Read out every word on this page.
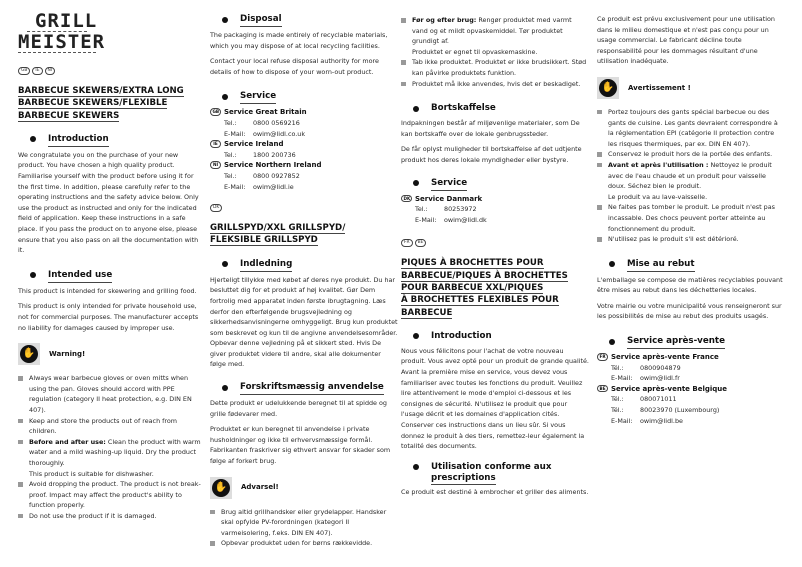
GRILL
MEISTER
GB	IE	NI
BARBECUE SKEWERS/EXTRA LONG
BARBECUE SKEWERS/FLEXIBLE
BARBECUE SKEWERS
Introduction

We congratulate you on the purchase of your new product. You have chosen a high quality product. Familiarise yourself with the product before using it for the first time. In addition, please carefully refer to the operating instructions and the safety advice below. Only use the product as instructed and only for the indicated field of application. Keep these instructions in a safe place. If you pass the product on to anyone else, please ensure that you also pass on all the documentation with it.

Intended use

This product is intended for skewering and grilling food.

This product is only intended for private household use, not for commercial purposes. The manufacturer accepts no liability for damages caused by improper use.

✋	Warning!
Always wear barbecue gloves or oven mitts when using the pan. Gloves should accord with PPE regulation (category II heat protection, e.g. DIN EN 407).
Keep and store the products out of reach from children.
Before and after use: Clean the product with warm water and a mild washing-up liquid. Dry the product thoroughly.
This product is suitable for dishwasher.
Avoid dropping the product. The product is not break-proof. Impact may affect the product's ability to function properly.
Do not use the product if it is damaged.
Disposal

The packaging is made entirely of recyclable materials, which you may dispose of at local recycling facilities.

Contact your local refuse disposal authority for more details of how to dispose of your worn-out product.

Service
GB Service Great Britain
Tel.:	0800 0569216
E-Mail:	owim@lidl.co.uk
IE Service Ireland
Tel.:	1800 200736
NI Service Northern Ireland
Tel.:	0800 0927852
E-Mail:	owim@lidl.ie
DK
GRILLSPYD/XXL GRILLSPYD/
FLEKSIBLE GRILLSPYD
Indledning

Hjerteligt tillykke med købet af deres nye produkt. Du har besluttet dig for et produkt af høj kvalitet. Gør Dem fortrolig med apparatet inden første ibrugtagning. Læs derfor den efterfølgende brugsvejledning og sikkerhedsanvisningerne omhyggeligt. Brug kun produktet som beskrevet og kun til de angivne anvendelsesområder. Opbevar denne vejledning på et sikkert sted. Hvis De giver produktet videre til andre, skal alle dokumenter følge med.

Forskriftsmæssig anvendelse

Dette produkt er udelukkende beregnet til at spidde og grille fødevarer med.

Produktet er kun beregnet til anvendelse i private husholdninger og ikke til erhvervsmæssige formål. Fabrikanten fraskriver sig ethvert ansvar for skader som følge af forkert brug.

✋	Advarsel!
Brug altid grillhandsker eller grydelapper. Handsker skal opfylde PV-forordningen (kategori II varmeisolering, f.eks. DIN EN 407).
Opbevar produktet uden for børns rækkevidde.
Før og efter brug: Rengør produktet med varmt vand og et mildt opvaskemiddel. Tør produktet grundigt af.
Produktet er egnet til opvaskemaskine.
Tab ikke produktet. Produktet er ikke brudsikkert. Stød kan påvirke produktets funktion.
Produktet må ikke anvendes, hvis det er beskadiget.
Bortskaffelse

Indpakningen består af miljøvenlige materialer, som De kan bortskaffe over de lokale genbrugssteder.

De får oplyst muligheder til bortskaffelse af det udtjente produkt hos deres lokale myndigheder eller bystyre.

Service
DK Service Danmark
Tel.:	80253972
E-Mail:	owim@lidl.dk
FR	BE
PIQUES À BROCHETTES POUR
BARBECUE/PIQUES À BROCHETTES
POUR BARBECUE XXL/PIQUES
À BROCHETTES FLEXIBLES POUR
BARBECUE
Introduction

Nous vous félicitons pour l'achat de votre nouveau produit. Vous avez opté pour un produit de grande qualité. Avant la première mise en service, vous devez vous familiariser avec toutes les fonctions du produit. Veuillez lire attentivement le mode d'emploi ci-dessous et les consignes de sécurité. N'utilisez le produit que pour l'usage décrit et les domaines d'application cités. Conserver ces instructions dans un lieu sûr. Si vous donnez le produit à des tiers, remettez-leur également la totalité des documents.

Utilisation conforme aux
prescriptions

Ce produit est destiné à embrocher et griller des aliments.

Ce produit est prévu exclusivement pour une utilisation dans le milieu domestique et n'est pas conçu pour un usage commercial. Le fabricant décline toute responsabilité pour les dommages résultant d'une utilisation inadéquate.

✋	Avertissement !
Portez toujours des gants spécial barbecue ou des gants de cuisine. Les gants devraient correspondre à la réglementation EPI (catégorie II protection contre les risques thermiques, par ex. DIN EN 407).
Conservez le produit hors de la portée des enfants.
Avant et après l'utilisation : Nettoyez le produit avec de l'eau chaude et un produit pour vaisselle doux. Séchez bien le produit.
Le produit va au lave-vaisselle.
Ne faites pas tomber le produit. Le produit n'est pas incassable. Des chocs peuvent porter atteinte au fonctionnement du produit.
N'utilisez pas le produit s'il est détérioré.
Mise au rebut

L'emballage se compose de matières recyclables pouvant être mises au rebut dans les déchetteries locales.

Votre mairie ou votre municipalité vous renseigneront sur les possibilités de mise au rebut des produits usagés.

Service après-vente
FR Service après-vente France
Tél.:	0800904879
E-Mail:	owim@lidl.fr
BE Service après-vente Belgique
Tél.:	080071011
Tél.:	80023970 (Luxembourg)
E-Mail:	owim@lidl.be
